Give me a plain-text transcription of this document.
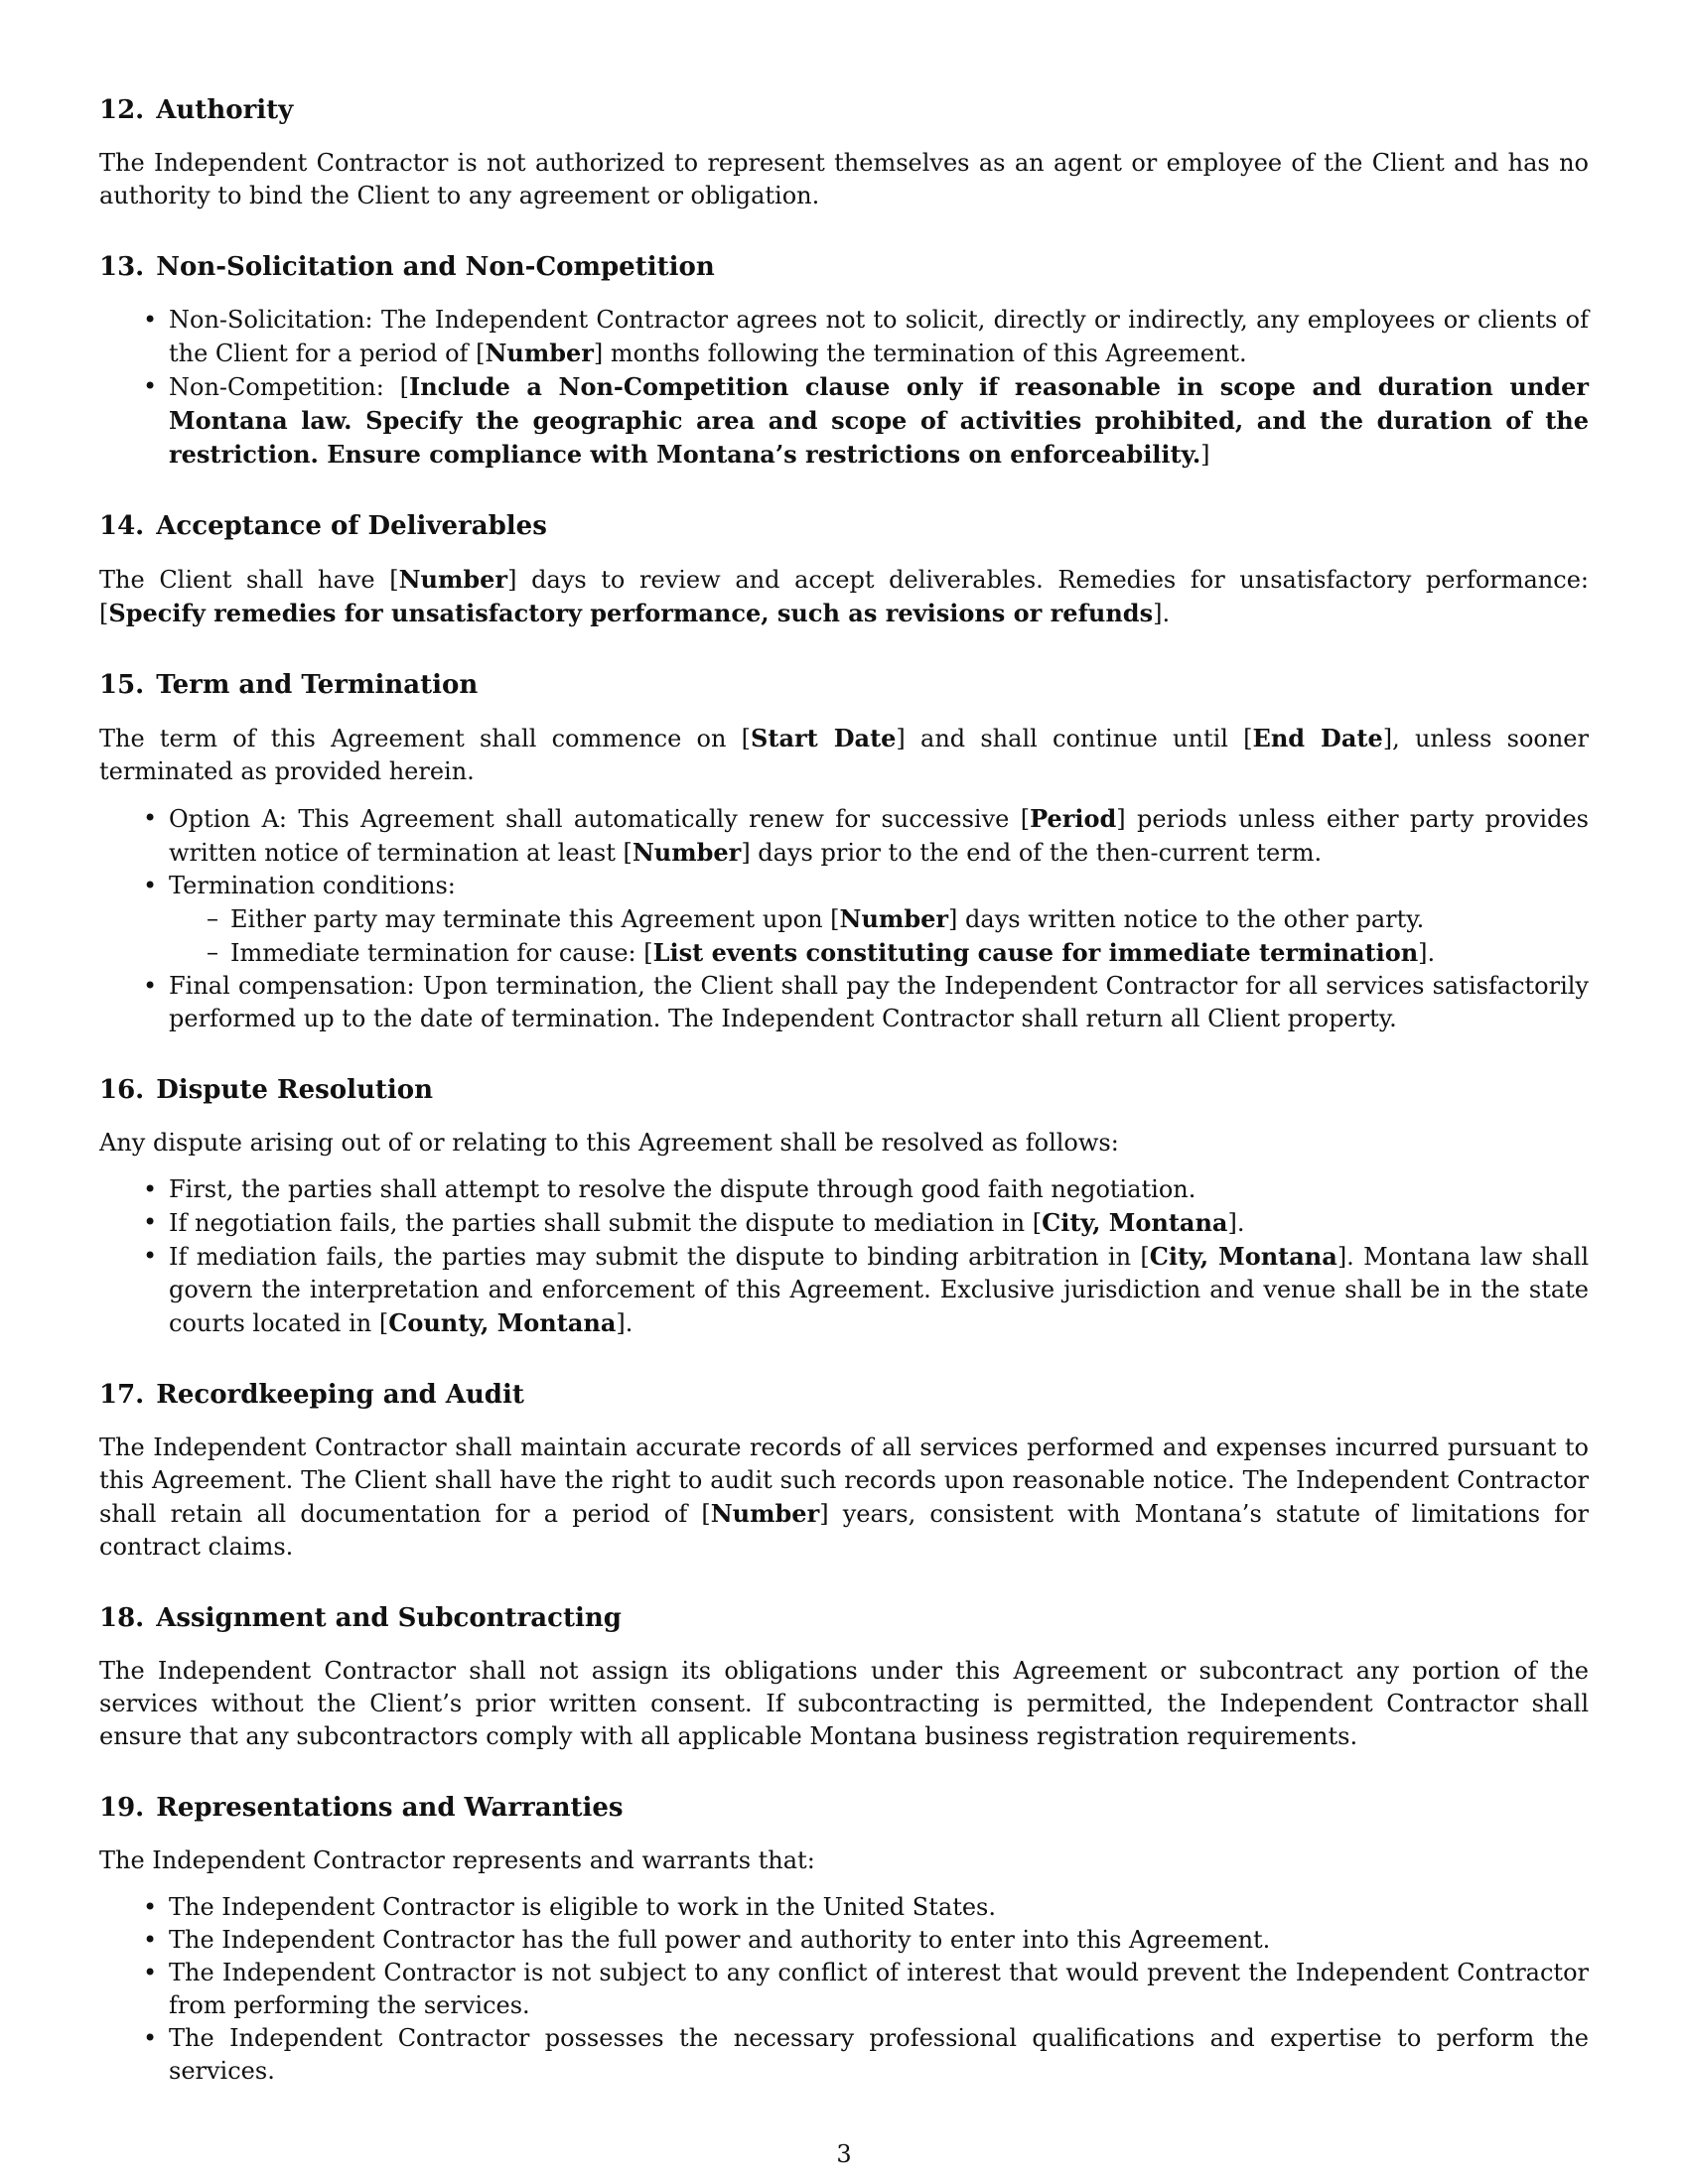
12. Authority

The Independent Contractor is not authorized to represent themselves as an agent or employee of the Client and has no authority to bind the Client to any agreement or obligation.

13. Non-Solicitation and Non-Competition
• Non-Solicitation: The Independent Contractor agrees not to solicit, directly or indirectly, any employees or clients of the Client for a period of [Number] months following the termination of this Agreement.
• Non-Competition: [Include a Non-Competition clause only if reasonable in scope and duration under Montana law. Specify the geographic area and scope of activities prohibited, and the duration of the restriction. Ensure compliance with Montana’s restrictions on enforceability.]
14. Acceptance of Deliverables

The Client shall have [Number] days to review and accept deliverables. Remedies for unsatisfactory performance: [Specify remedies for unsatisfactory performance, such as revisions or refunds].

15. Term and Termination

The term of this Agreement shall commence on [Start Date] and shall continue until [End Date], unless sooner terminated as provided herein.

• Option A: This Agreement shall automatically renew for successive [Period] periods unless either party provides written notice of termination at least [Number] days prior to the end of the then-current term.
• Termination conditions:
– Either party may terminate this Agreement upon [Number] days written notice to the other party.
– Immediate termination for cause: [List events constituting cause for immediate termination].
• Final compensation: Upon termination, the Client shall pay the Independent Contractor for all services satisfactorily performed up to the date of termination. The Independent Contractor shall return all Client property.
16. Dispute Resolution

Any dispute arising out of or relating to this Agreement shall be resolved as follows:

• First, the parties shall attempt to resolve the dispute through good faith negotiation.
• If negotiation fails, the parties shall submit the dispute to mediation in [City, Montana].
• If mediation fails, the parties may submit the dispute to binding arbitration in [City, Montana]. Montana law shall govern the interpretation and enforcement of this Agreement. Exclusive jurisdiction and venue shall be in the state courts located in [County, Montana].
17. Recordkeeping and Audit

The Independent Contractor shall maintain accurate records of all services performed and expenses incurred pursuant to this Agreement. The Client shall have the right to audit such records upon reasonable notice. The Independent Contractor shall retain all documentation for a period of [Number] years, consistent with Montana’s statute of limitations for contract claims.

18. Assignment and Subcontracting

The Independent Contractor shall not assign its obligations under this Agreement or subcontract any portion of the services without the Client’s prior written consent. If subcontracting is permitted, the Independent Contractor shall ensure that any subcontractors comply with all applicable Montana business registration requirements.

19. Representations and Warranties

The Independent Contractor represents and warrants that:

• The Independent Contractor is eligible to work in the United States.
• The Independent Contractor has the full power and authority to enter into this Agreement.
• The Independent Contractor is not subject to any conflict of interest that would prevent the Independent Contractor from performing the services.
• The Independent Contractor possesses the necessary professional qualifications and expertise to perform the services.
3
